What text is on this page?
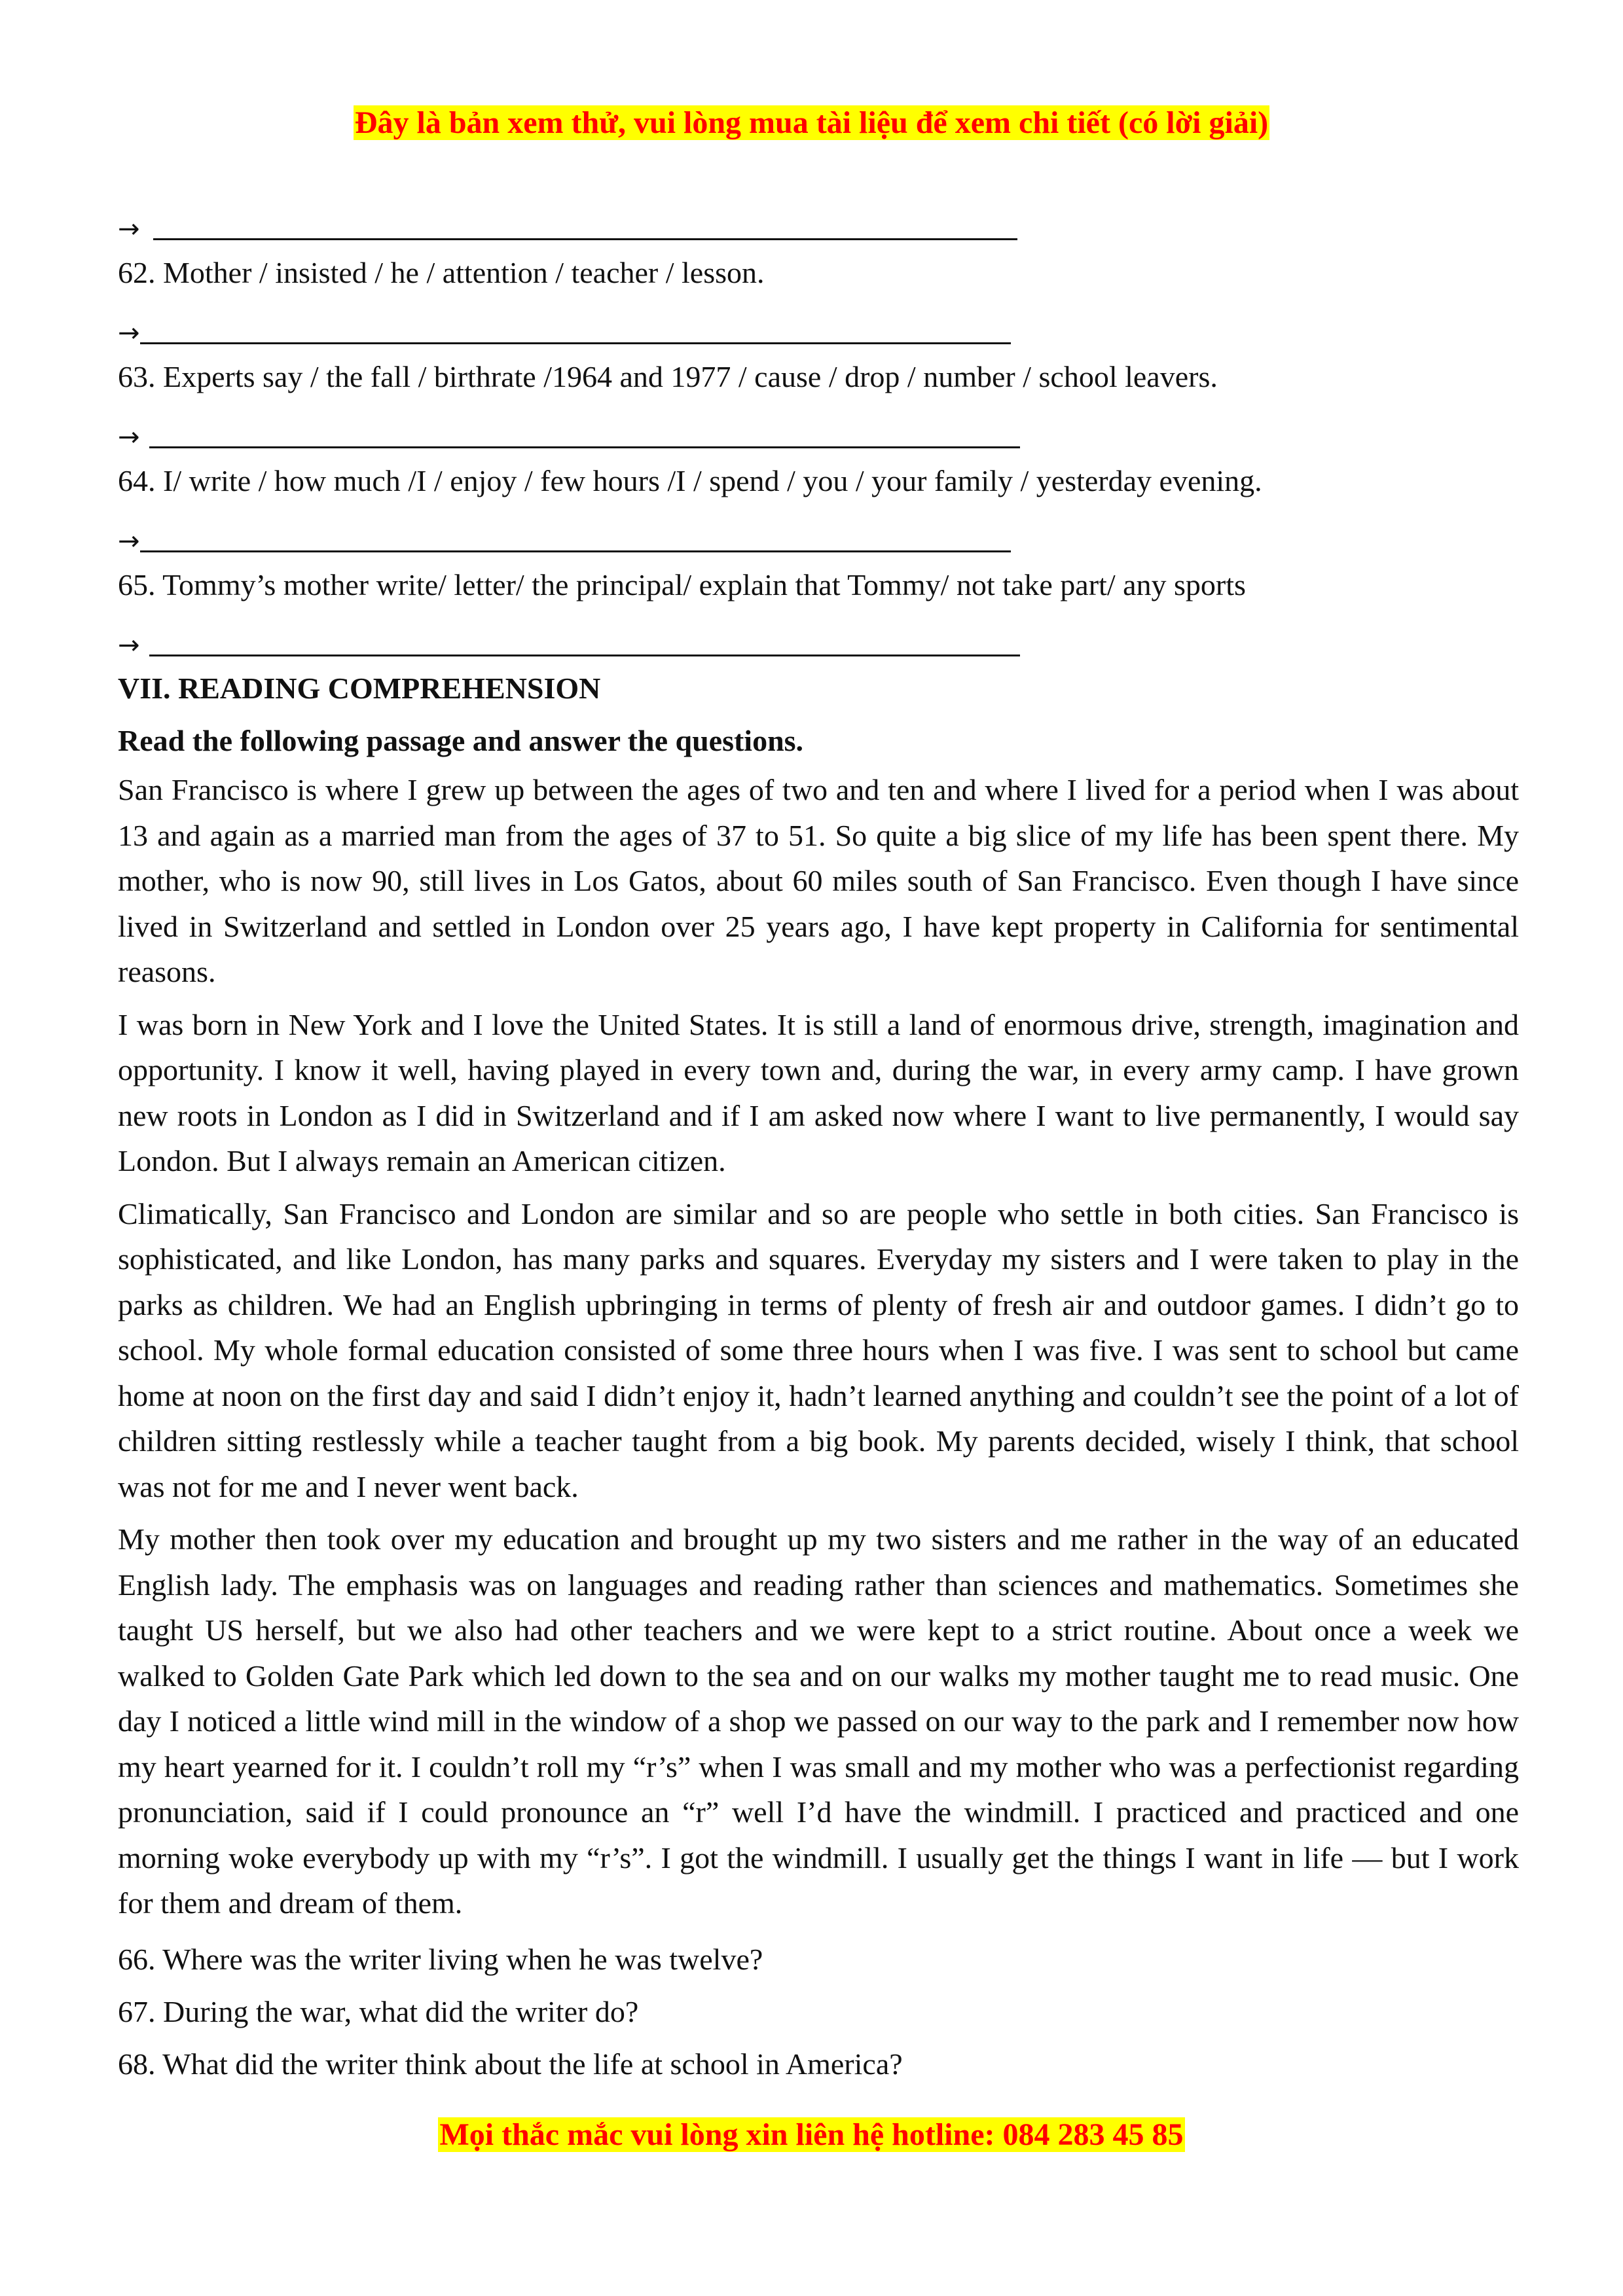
Đây là bản xem thử, vui lòng mua tài liệu để xem chi tiết (có lời giải)
→
62. Mother / insisted / he / attention / teacher / lesson.
→
63. Experts say / the fall / birthrate /1964 and 1977 / cause / drop / number / school leavers.
→
64. I/ write / how much /I / enjoy / few hours /I / spend / you / your family / yesterday evening.
→
65. Tommy’s mother write/ letter/ the principal/ explain that Tommy/ not take part/ any sports
→
VII. READING COMPREHENSION
Read the following passage and answer the questions.

San Francisco is where I grew up between the ages of two and ten and where I lived for a period when I was about 13 and again as a married man from the ages of 37 to 51. So quite a big slice of my life has been spent there. My mother, who is now 90, still lives in Los Gatos, about 60 miles south of San Francisco. Even though I have since lived in Switzerland and settled in London over 25 years ago, I have kept property in California for sentimental reasons.

I was born in New York and I love the United States. It is still a land of enormous drive, strength, imagination and opportunity. I know it well, having played in every town and, during the war, in every army camp. I have grown new roots in London as I did in Switzerland and if I am asked now where I want to live permanently, I would say London. But I always remain an American citizen.

Climatically, San Francisco and London are similar and so are people who settle in both cities. San Francisco is sophisticated, and like London, has many parks and squares. Everyday my sisters and I were taken to play in the parks as children. We had an English upbringing in terms of plenty of fresh air and outdoor games. I didn’t go to school. My whole formal education consisted of some three hours when I was five. I was sent to school but came home at noon on the first day and said I didn’t enjoy it, hadn’t learned anything and couldn’t see the point of a lot of children sitting restlessly while a teacher taught from a big book. My parents decided, wisely I think, that school was not for me and I never went back.

My mother then took over my education and brought up my two sisters and me rather in the way of an educated English lady. The emphasis was on languages and reading rather than sciences and mathematics. Sometimes she taught US herself, but we also had other teachers and we were kept to a strict routine. About once a week we walked to Golden Gate Park which led down to the sea and on our walks my mother taught me to read music. One day I noticed a little wind mill in the window of a shop we passed on our way to the park and I remember now how my heart yearned for it. I couldn’t roll my “r’s” when I was small and my mother who was a perfectionist regarding pronunciation, said if I could pronounce an “r” well I’d have the windmill. I practiced and practiced and one morning woke everybody up with my “r’s”. I got the windmill. I usually get the things I want in life — but I work for them and dream of them.

66. Where was the writer living when he was twelve?
67. During the war, what did the writer do?
68. What did the writer think about the life at school in America?
Mọi thắc mắc vui lòng xin liên hệ hotline: 084 283 45 85
